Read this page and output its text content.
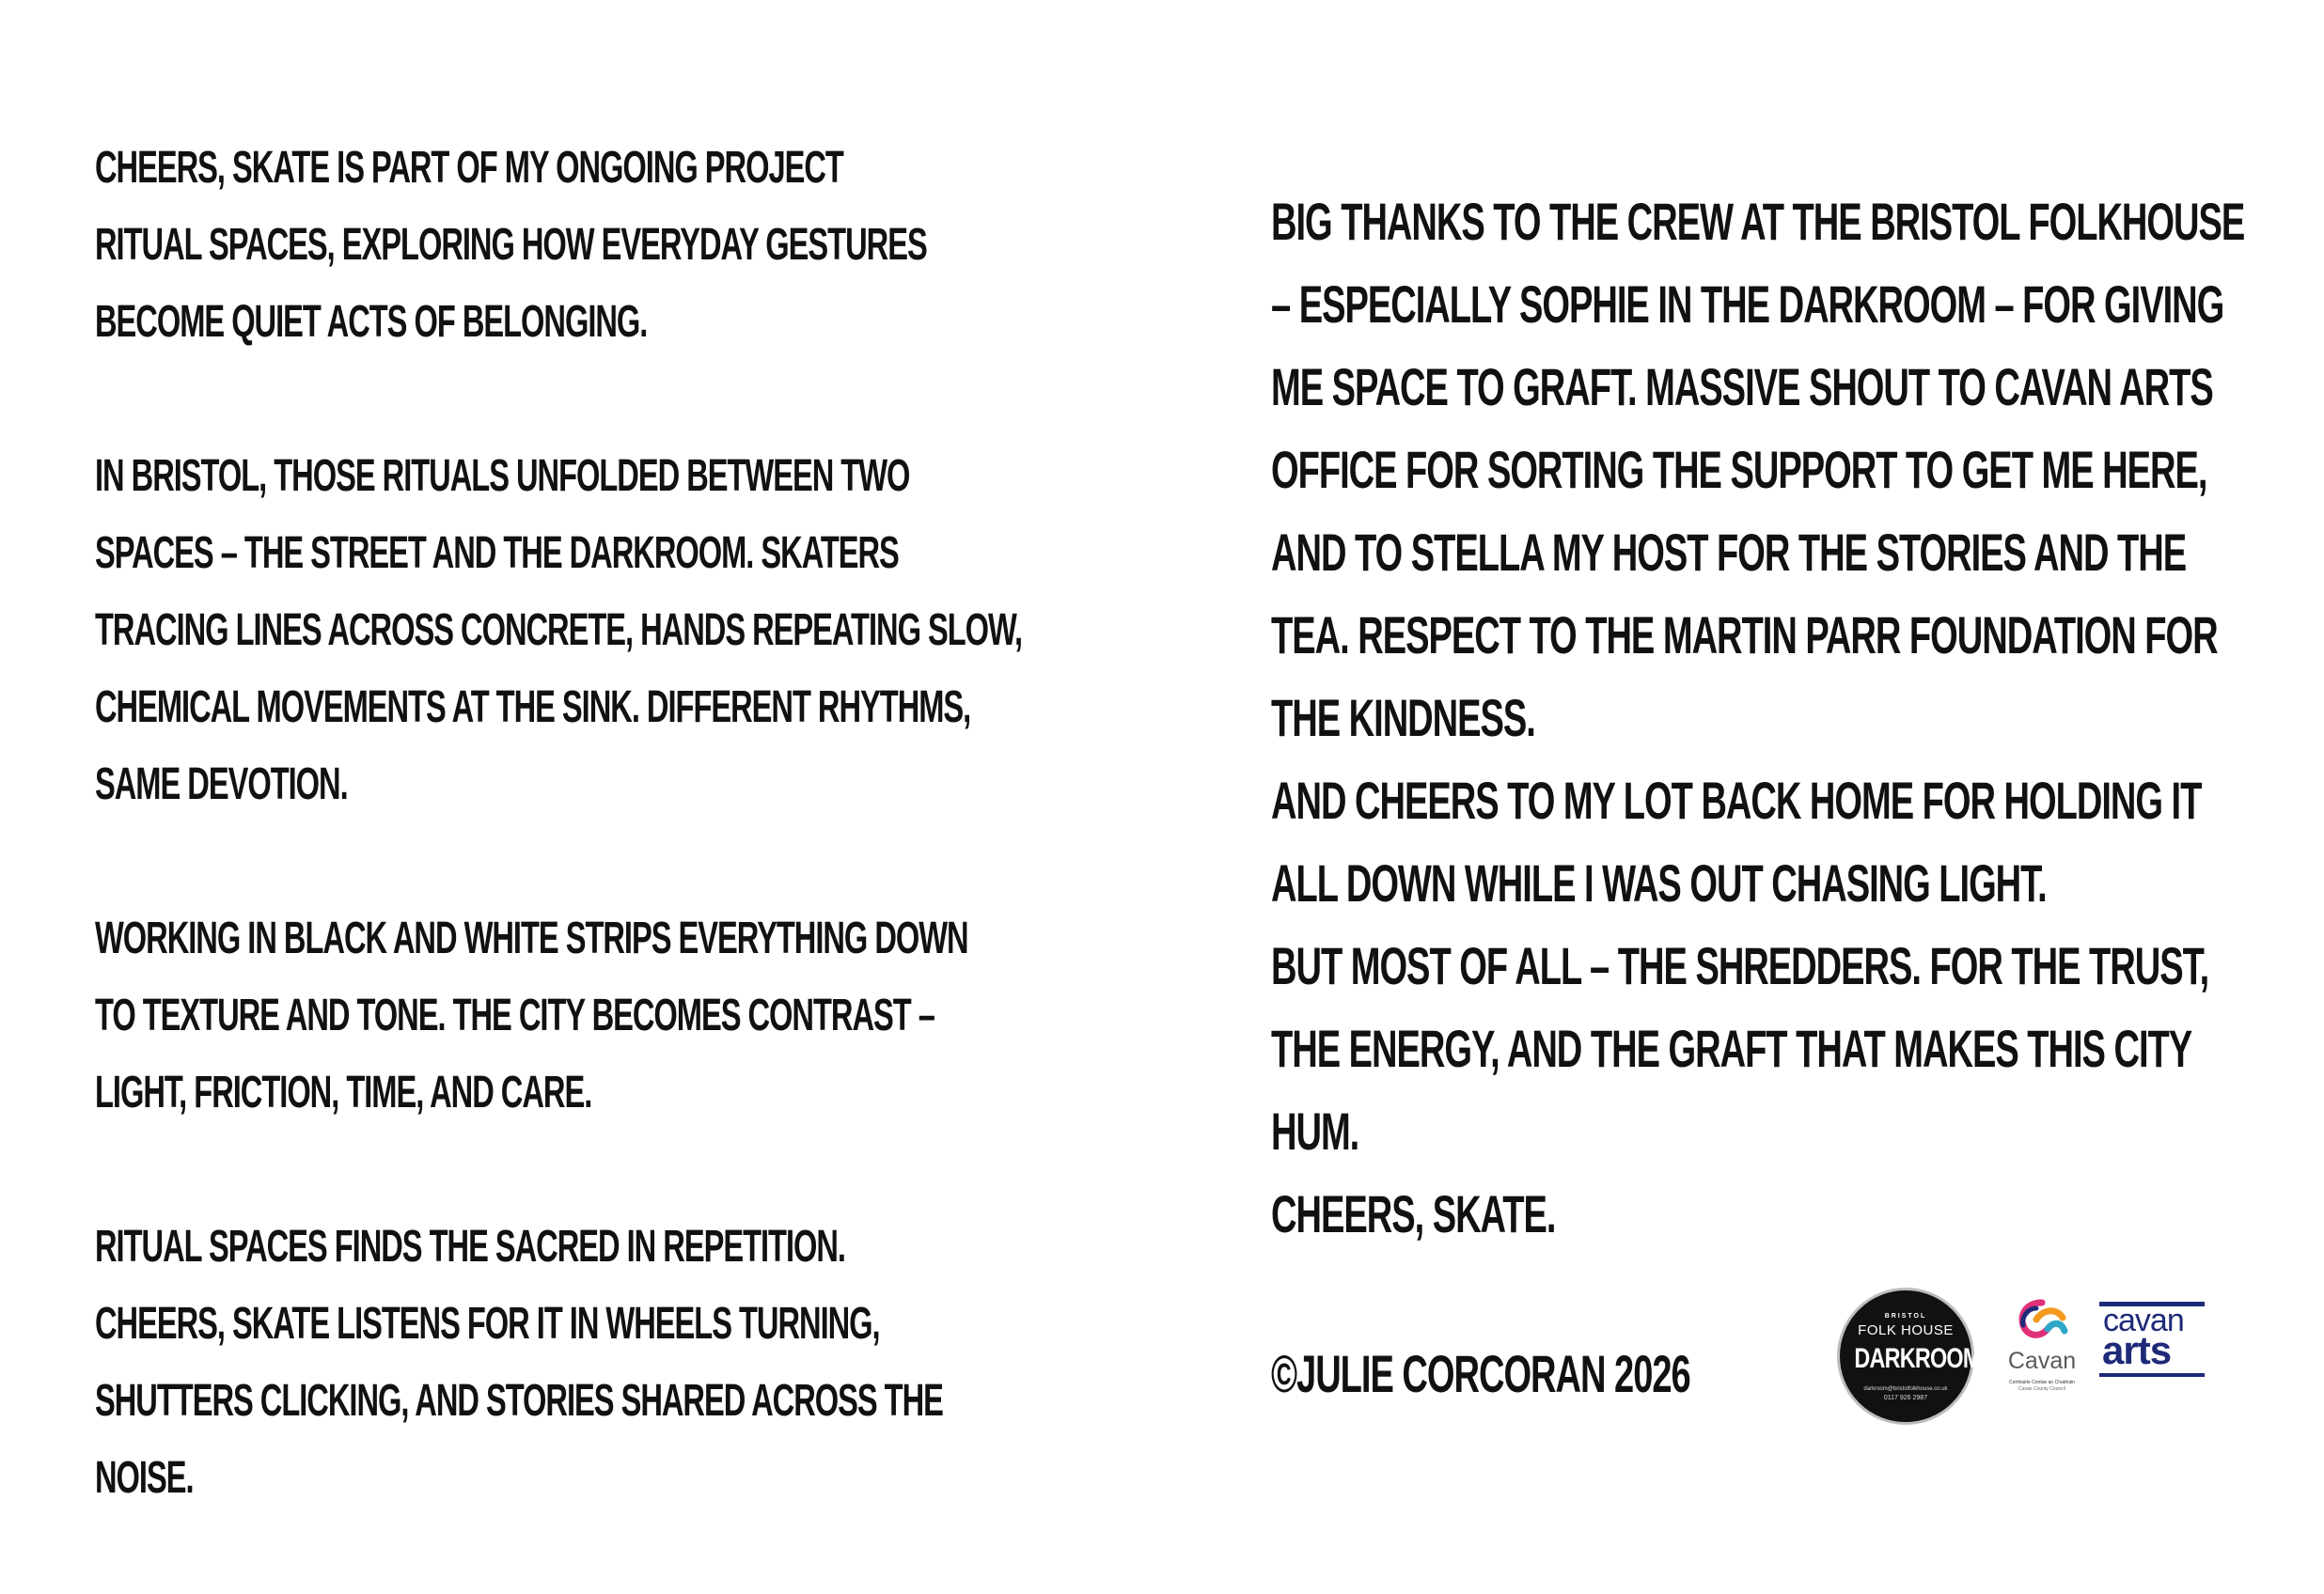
CHEERS, SKATE IS PART OF MY ONGOING PROJECT
RITUAL SPACES, EXPLORING HOW EVERYDAY GESTURES
BECOME QUIET ACTS OF BELONGING.
IN BRISTOL, THOSE RITUALS UNFOLDED BETWEEN TWO
SPACES – THE STREET AND THE DARKROOM. SKATERS
TRACING LINES ACROSS CONCRETE, HANDS REPEATING SLOW,
CHEMICAL MOVEMENTS AT THE SINK. DIFFERENT RHYTHMS,
SAME DEVOTION.
WORKING IN BLACK AND WHITE STRIPS EVERYTHING DOWN
TO TEXTURE AND TONE. THE CITY BECOMES CONTRAST –
LIGHT, FRICTION, TIME, AND CARE.
RITUAL SPACES FINDS THE SACRED IN REPETITION.
CHEERS, SKATE LISTENS FOR IT IN WHEELS TURNING,
SHUTTERS CLICKING, AND STORIES SHARED ACROSS THE
NOISE.
BIG THANKS TO THE CREW AT THE BRISTOL FOLKHOUSE
– ESPECIALLY SOPHIE IN THE DARKROOM – FOR GIVING
ME SPACE TO GRAFT. MASSIVE SHOUT TO CAVAN ARTS
OFFICE FOR SORTING THE SUPPORT TO GET ME HERE,
AND TO STELLA MY HOST FOR THE STORIES AND THE
TEA. RESPECT TO THE MARTIN PARR FOUNDATION FOR
THE KINDNESS.
AND CHEERS TO MY LOT BACK HOME FOR HOLDING IT
ALL DOWN WHILE I WAS OUT CHASING LIGHT.
BUT MOST OF ALL – THE SHREDDERS. FOR THE TRUST,
THE ENERGY, AND THE GRAFT THAT MAKES THIS CITY
HUM.
CHEERS, SKATE.
©JULIE CORCORAN 2026
BRISTOL
FOLK HOUSE
DARKROOM
darkroom@bristolfolkhouse.co.uk
0117 926 2987
Cavan
Comhairle Contae an Chabháin
Cavan County Council
cavan
arts
